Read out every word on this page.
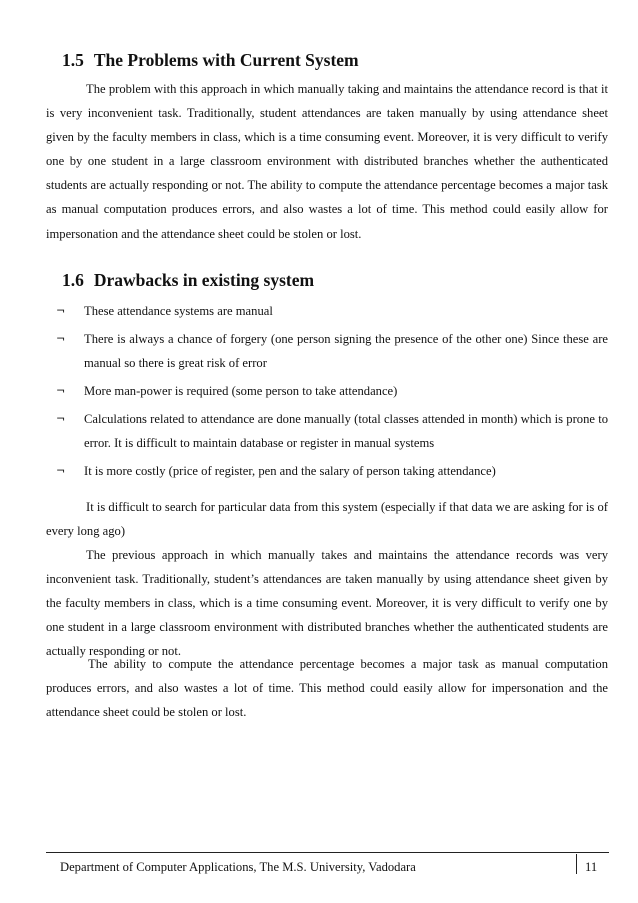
1.5 The Problems with Current System

The problem with this approach in which manually taking and maintains the attendance record is that it is very inconvenient task. Traditionally, student attendances are taken manually by using attendance sheet given by the faculty members in class, which is a time consuming event. Moreover, it is very difficult to verify one by one student in a large classroom environment with distributed branches whether the authenticated students are actually responding or not. The ability to compute the attendance percentage becomes a major task as manual computation produces errors, and also wastes a lot of time. This method could easily allow for impersonation and the attendance sheet could be stolen or lost.

1.6 Drawbacks in existing system
¬	These attendance systems are manual
¬	There is always a chance of forgery (one person signing the presence of the other one) Since these are manual so there is great risk of error
¬	More man-power is required (some person to take attendance)
¬	Calculations related to attendance are done manually (total classes attended in month) which is prone to error. It is difficult to maintain database or register in manual systems
¬	It is more costly (price of register, pen and the salary of person taking attendance)

It is difficult to search for particular data from this system (especially if that data we are asking for is of every long ago)

The previous approach in which manually takes and maintains the attendance records was very inconvenient task. Traditionally, student’s attendances are taken manually by using attendance sheet given by the faculty members in class, which is a time consuming event. Moreover, it is very difficult to verify one by one student in a large classroom environment with distributed branches whether the authenticated students are actually responding or not.

The ability to compute the attendance percentage becomes a major task as manual computation produces errors, and also wastes a lot of time. This method could easily allow for impersonation and the attendance sheet could be stolen or lost.

Department of Computer Applications, The M.S. University, Vadodara	11
